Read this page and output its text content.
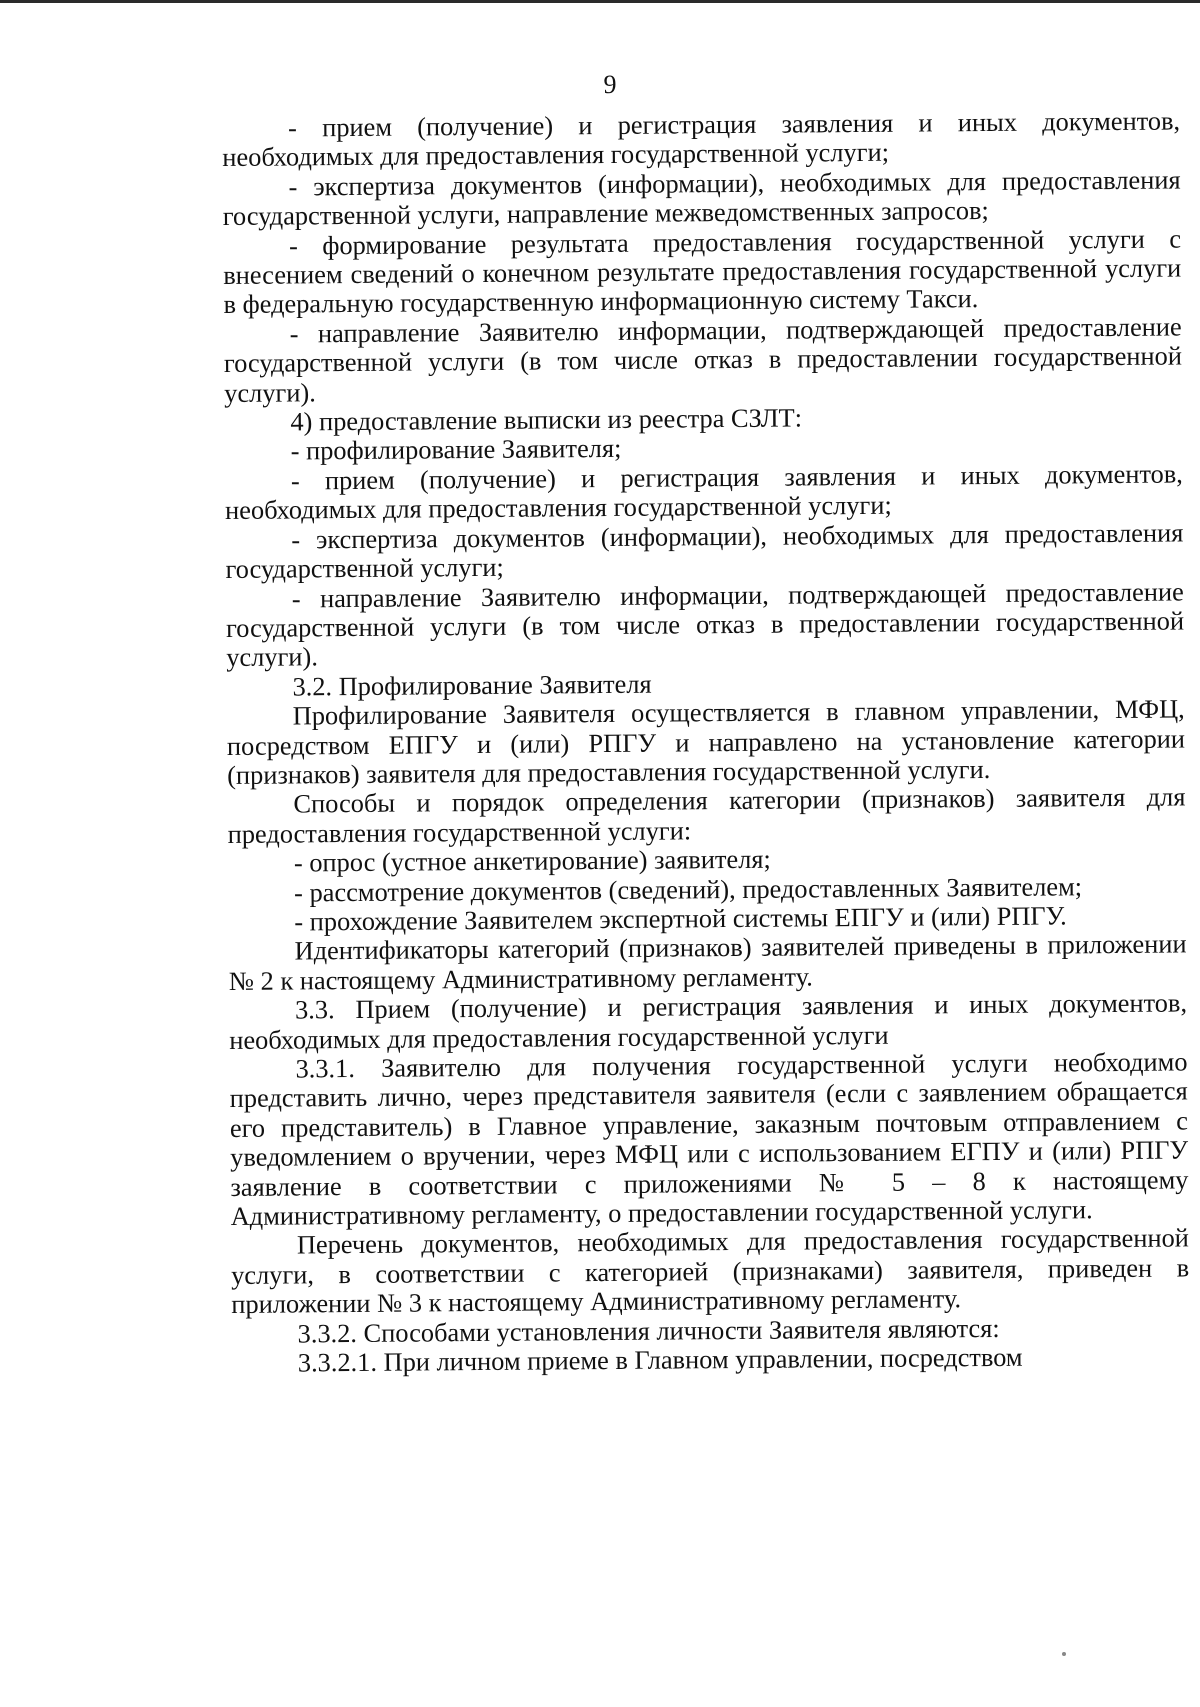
9

- прием (получение) и регистрация заявления и иных документов, необходимых для предоставления государственной услуги;

- экспертиза документов (информации), необходимых для предоставления государственной услуги, направление межведомственных запросов;

- формирование результата предоставления государственной услуги с внесением сведений о конечном результате предоставления государственной услуги в федеральную государственную информационную систему Такси.

- направление Заявителю информации, подтверждающей предоставление государственной услуги (в том числе отказ в предоставлении государственной услуги).

4) предоставление выписки из реестра СЗЛТ:

- профилирование Заявителя;

- прием (получение) и регистрация заявления и иных документов, необходимых для предоставления государственной услуги;

- экспертиза документов (информации), необходимых для предоставления государственной услуги;

- направление Заявителю информации, подтверждающей предоставление государственной услуги (в том числе отказ в предоставлении государственной услуги).

3.2. Профилирование Заявителя

Профилирование Заявителя осуществляется в главном управлении, МФЦ, посредством ЕПГУ и (или) РПГУ и направлено на установление категории (признаков) заявителя для предоставления государственной услуги.

Способы и порядок определения категории (признаков) заявителя для предоставления государственной услуги:

- опрос (устное анкетирование) заявителя;

- рассмотрение документов (сведений), предоставленных Заявителем;

- прохождение Заявителем экспертной системы ЕПГУ и (или) РПГУ.

Идентификаторы категорий (признаков) заявителей приведены в приложении № 2 к настоящему Административному регламенту.

3.3. Прием (получение) и регистрация заявления и иных документов, необходимых для предоставления государственной услуги

3.3.1. Заявителю для получения государственной услуги необходимо представить лично, через представителя заявителя (если с заявлением обращается его представитель) в Главное управление, заказным почтовым отправлением с уведомлением о вручении, через МФЦ или с использованием ЕГПУ и (или) РПГУ заявление в соответствии с приложениями № 5 – 8 к настоящему Административному регламенту, о предоставлении государственной услуги.

Перечень документов, необходимых для предоставления государственной услуги, в соответствии с категорией (признаками) заявителя, приведен в приложении № 3 к настоящему Административному регламенту.

3.3.2. Способами установления личности Заявителя являются:

3.3.2.1. При личном приеме в Главном управлении, посредством
